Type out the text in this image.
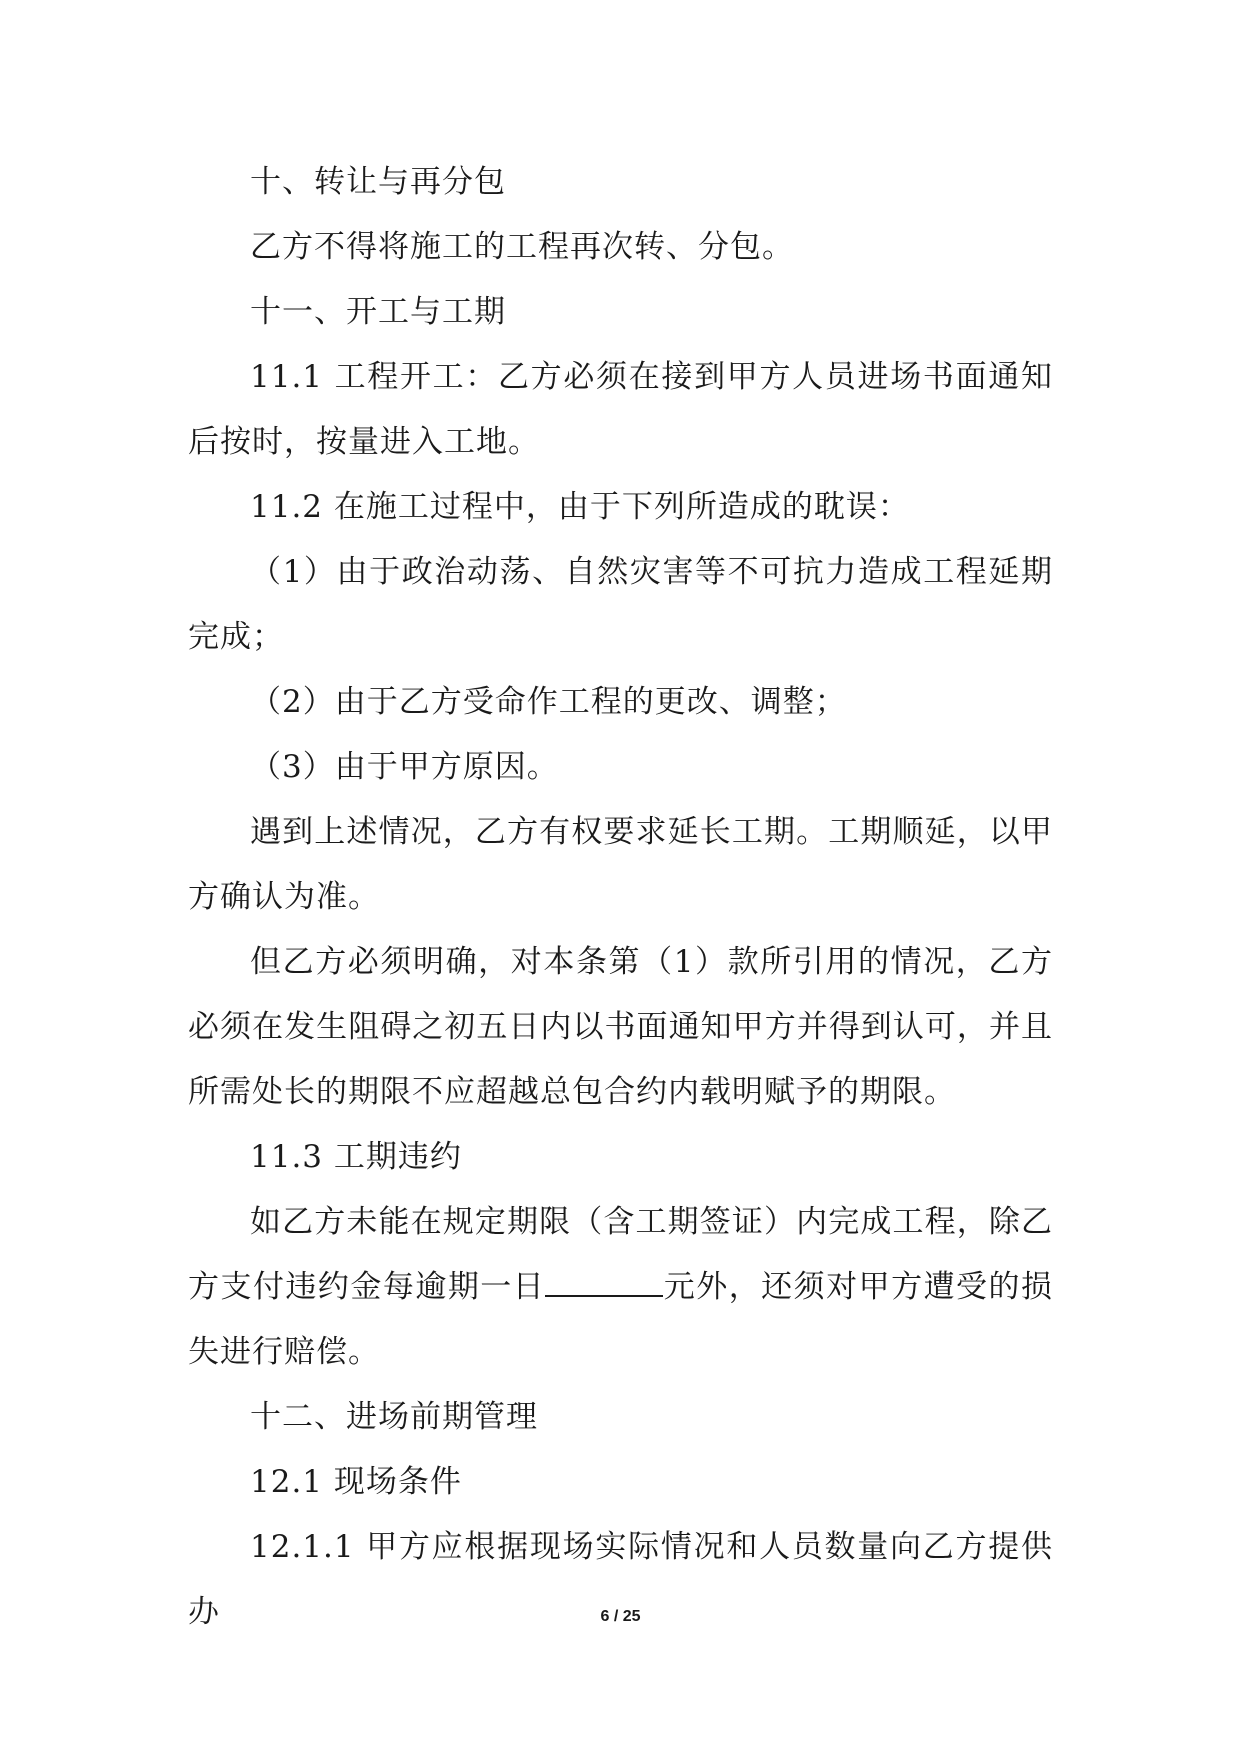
十、转让与再分包

乙方不得将施工的工程再次转、分包。

十一、开工与工期

11.1 工程开工：乙方必须在接到甲方人员进场书面通知后按时，按量进入工地。

11.2 在施工过程中，由于下列所造成的耽误：

（1）由于政治动荡、自然灾害等不可抗力造成工程延期完成；

（2）由于乙方受命作工程的更改、调整；

（3）由于甲方原因。

遇到上述情况，乙方有权要求延长工期。工期顺延，以甲方确认为准。

但乙方必须明确，对本条第（1）款所引用的情况，乙方必须在发生阻碍之初五日内以书面通知甲方并得到认可，并且所需处长的期限不应超越总包合约内载明赋予的期限。

11.3 工期违约

如乙方未能在规定期限（含工期签证）内完成工程，除乙方支付违约金每逾期一日	元外，还须对甲方遭受的损失进行赔偿。

十二、进场前期管理

12.1 现场条件

12.1.1 甲方应根据现场实际情况和人员数量向乙方提供办	6 / 25
